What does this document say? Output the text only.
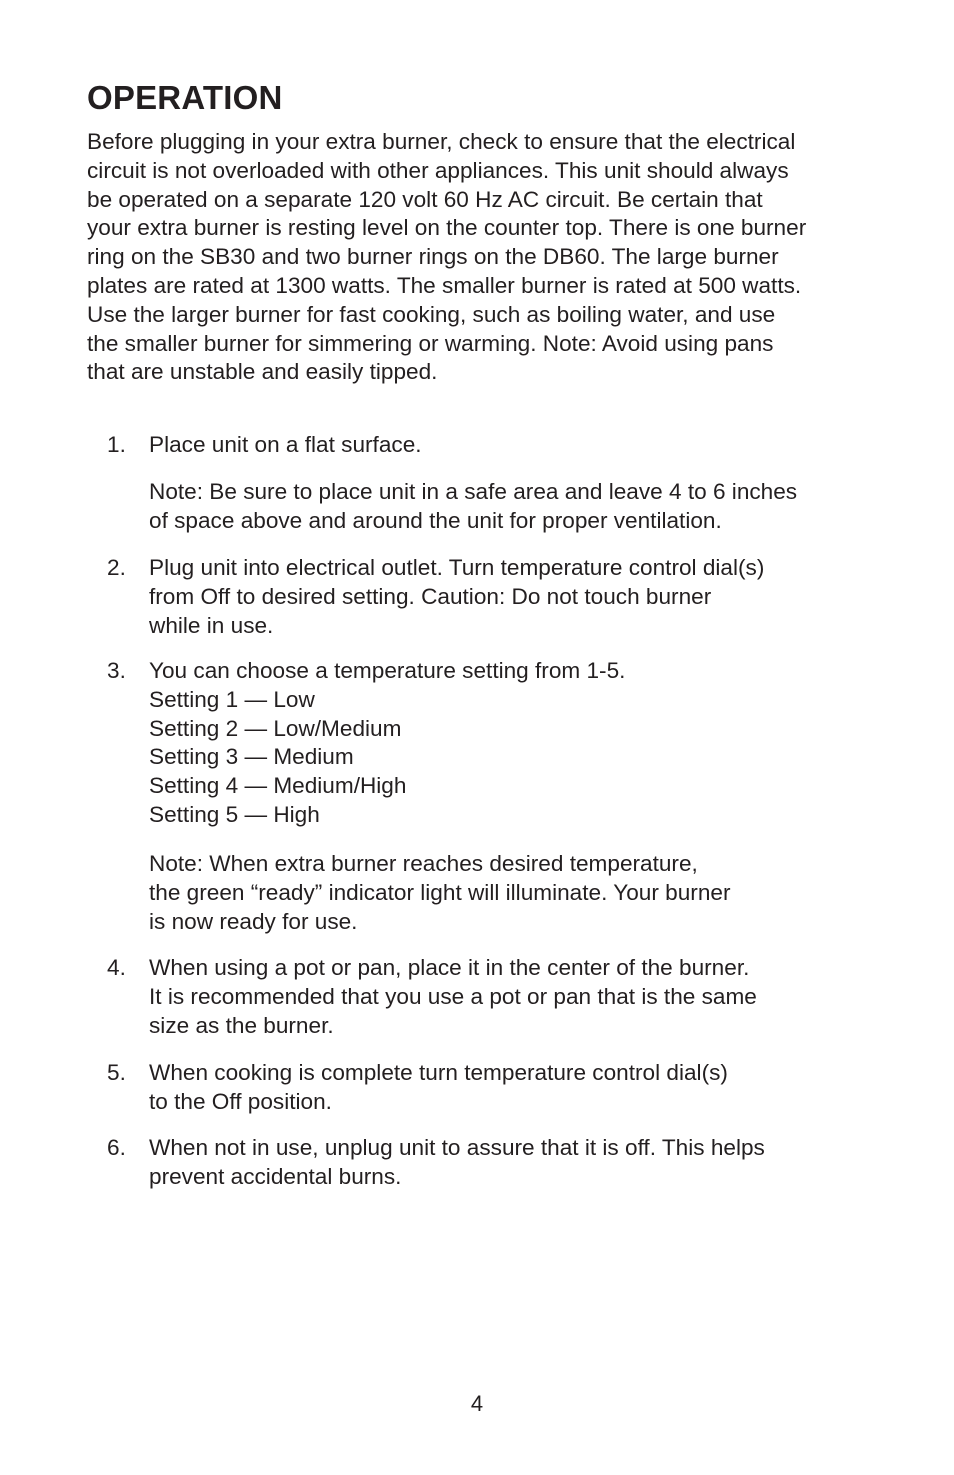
OPERATION

Before plugging in your extra burner, check to ensure that the electrical
circuit is not overloaded with other appliances. This unit should always
be operated on a separate 120 volt 60 Hz AC circuit. Be certain that
your extra burner is resting level on the counter top. There is one burner
ring on the SB30 and two burner rings on the DB60. The large burner
plates are rated at 1300 watts. The smaller burner is rated at 500 watts.
Use the larger burner for fast cooking, such as boiling water, and use
the smaller burner for simmering or warming. Note: Avoid using pans
that are unstable and easily tipped.

1.	Place unit on a flat surface.
Note: Be sure to place unit in a safe area and leave 4 to 6 inches
of space above and around the unit for proper ventilation.
2.	Plug unit into electrical outlet. Turn temperature control dial(s)
from Off to desired setting. Caution: Do not touch burner
while in use.
3.	You can choose a temperature setting from 1-5.
Setting 1 — Low
Setting 2 — Low/Medium
Setting 3 — Medium
Setting 4 — Medium/High
Setting 5 — High
Note: When extra burner reaches desired temperature,
the green “ready” indicator light will illuminate. Your burner
is now ready for use.
4.	When using a pot or pan, place it in the center of the burner.
It is recommended that you use a pot or pan that is the same
size as the burner.
5.	When cooking is complete turn temperature control dial(s)
to the Off position.
6.	When not in use, unplug unit to assure that it is off. This helps
prevent accidental burns.
4
